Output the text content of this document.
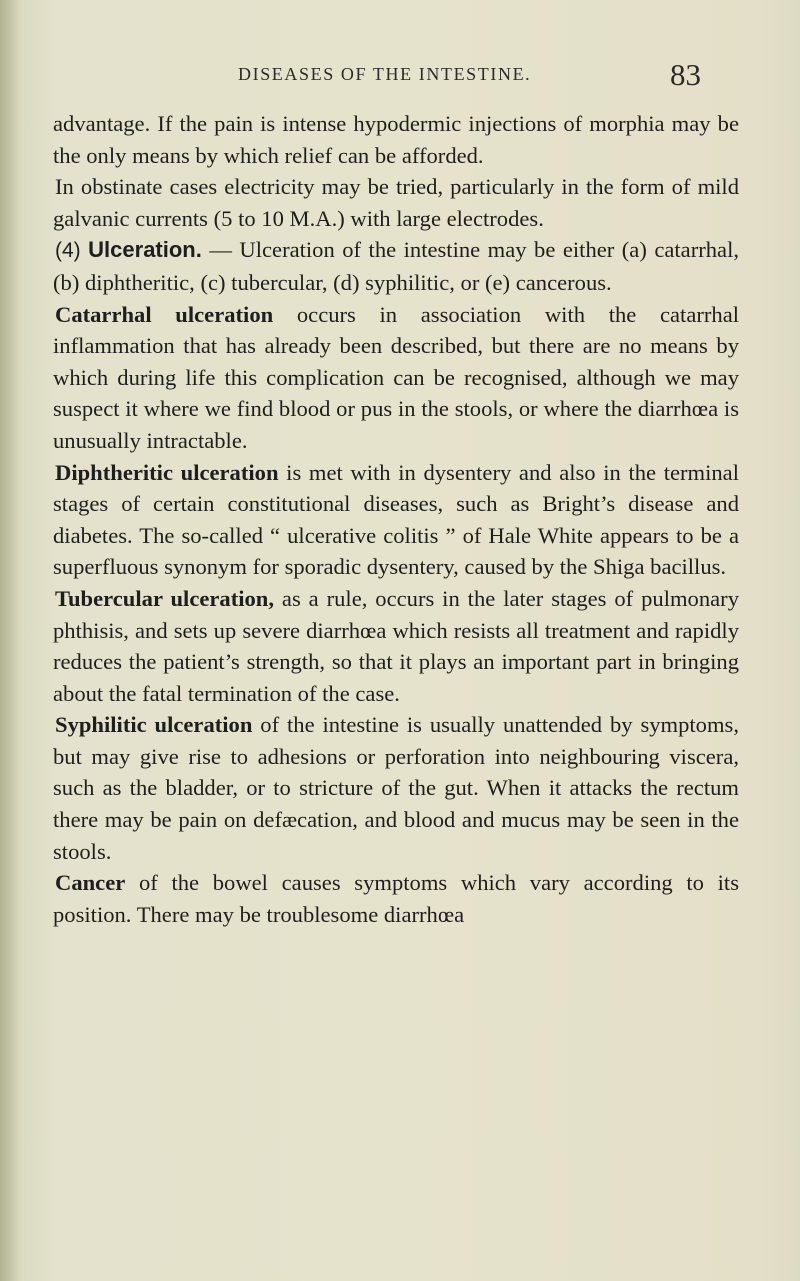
DISEASES OF THE INTESTINE.	83

advantage. If the pain is intense hypodermic injections of morphia may be the only means by which relief can be afforded.

In obstinate cases electricity may be tried, particularly in the form of mild galvanic currents (5 to 10 M.A.) with large electrodes.

(4) Ulceration. — Ulceration of the intestine may be either (a) catarrhal, (b) diphtheritic, (c) tubercular, (d) syphilitic, or (e) cancerous.

Catarrhal ulceration occurs in association with the catarrhal inflammation that has already been described, but there are no means by which during life this complication can be recognised, although we may suspect it where we find blood or pus in the stools, or where the diarrhœa is unusually intractable.

Diphtheritic ulceration is met with in dysentery and also in the terminal stages of certain constitutional diseases, such as Bright’s disease and diabetes. The so-called “ ulcerative colitis ” of Hale White appears to be a superfluous synonym for sporadic dysentery, caused by the Shiga bacillus.

Tubercular ulceration, as a rule, occurs in the later stages of pulmonary phthisis, and sets up severe diarrhœa which resists all treatment and rapidly reduces the patient’s strength, so that it plays an important part in bringing about the fatal termination of the case.

Syphilitic ulceration of the intestine is usually unattended by symptoms, but may give rise to adhesions or perforation into neighbouring viscera, such as the bladder, or to stricture of the gut. When it attacks the rectum there may be pain on defæcation, and blood and mucus may be seen in the stools.

Cancer of the bowel causes symptoms which vary according to its position. There may be troublesome diarrhœa
